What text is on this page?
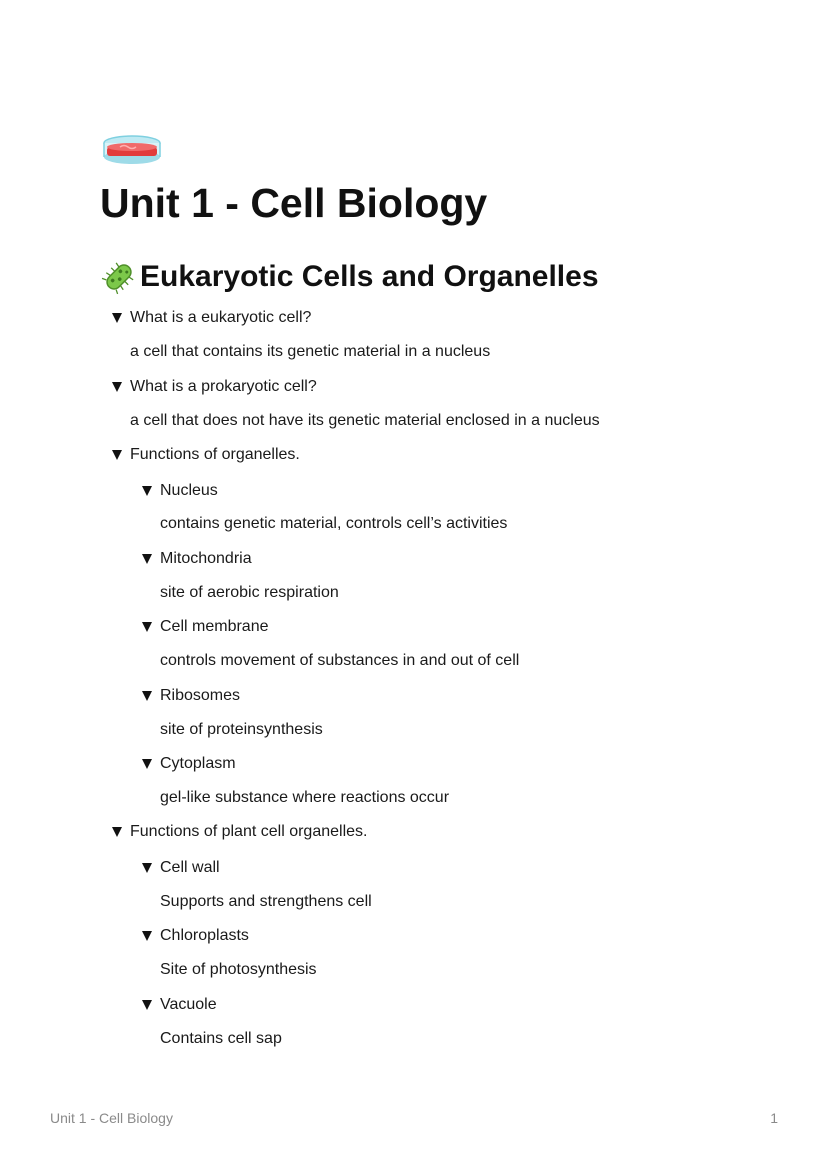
Unit 1 - Cell Biology
Eukaryotic Cells and Organelles
What is a eukaryotic cell?
a cell that contains its genetic material in a nucleus
What is a prokaryotic cell?
a cell that does not have its genetic material enclosed in a nucleus
Functions of organelles.
Nucleus
contains genetic material, controls cell’s activities
Mitochondria
site of aerobic respiration
Cell membrane
controls movement of substances in and out of cell
Ribosomes
site of proteinsynthesis
Cytoplasm
gel-like substance where reactions occur
Functions of plant cell organelles.
Cell wall
Supports and strengthens cell
Chloroplasts
Site of photosynthesis
Vacuole
Contains cell sap
Unit 1 - Cell Biology	1
